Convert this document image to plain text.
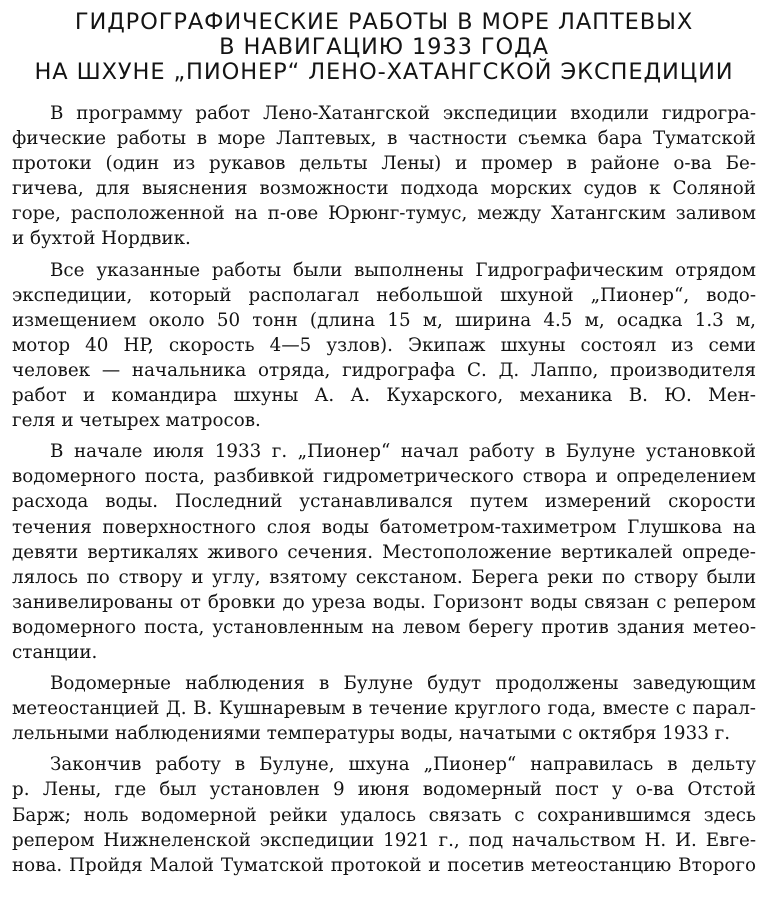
ГИДРОГРАФИЧЕСКИЕ РАБОТЫ В МОРЕ ЛАПТЕВЫХ
В НАВИГАЦИЮ 1933 ГОДА
НА ШХУНЕ „ПИОНЕР“ ЛЕНО-ХАТАНГСКОЙ ЭКСПЕДИЦИИ
В программу работ Лено-Хатангской экспедиции входили гидрогра-
фические работы в море Лаптевых, в частности съемка бара Туматской
протоки (один из рукавов дельты Лены) и промер в районе о-ва Бе-
гичева, для выяснения возможности подхода морских судов к Соляной
горе, расположенной на п-ове Юрюнг-тумус, между Хатангским заливом
и бухтой Нордвик.
Все указанные работы были выполнены Гидрографическим отрядом
экспедиции, который располагал небольшой шхуной „Пионер“, водо-
измещением около 50 тонн (длина 15 м, ширина 4.5 м, осадка 1.3 м,
мотор 40 HP, скорость 4—5 узлов). Экипаж шхуны состоял из семи
человек — начальника отряда, гидрографа С. Д. Лаппо, производителя
работ и командира шхуны А. А. Кухарского, механика В. Ю. Мен-
геля и четырех матросов.
В начале июля 1933 г. „Пионер“ начал работу в Булуне установкой
водомерного поста, разбивкой гидрометрического створа и определением
расхода воды. Последний устанавливался путем измерений скорости
течения поверхностного слоя воды батометром-тахиметром Глушкова на
девяти вертикалях живого сечения. Местоположение вертикалей опреде-
лялось по створу и углу, взятому секстаном. Берега реки по створу были
занивелированы от бровки до уреза воды. Горизонт воды связан с репером
водомерного поста, установленным на левом берегу против здания метео-
станции.
Водомерные наблюдения в Булуне будут продолжены заведующим
метеостанцией Д. В. Кушнаревым в течение круглого года, вместе с парал-
лельными наблюдениями температуры воды, начатыми с октября 1933 г.
Закончив работу в Булуне, шхуна „Пионер“ направилась в дельту
р. Лены, где был установлен 9 июня водомерный пост у о-ва Отстой
Барж; ноль водомерной рейки удалось связать с сохранившимся здесь
репером Нижнеленской экспедиции 1921 г., под начальством Н. И. Евге-
нова. Пройдя Малой Туматской протокой и посетив метеостанцию Второго
